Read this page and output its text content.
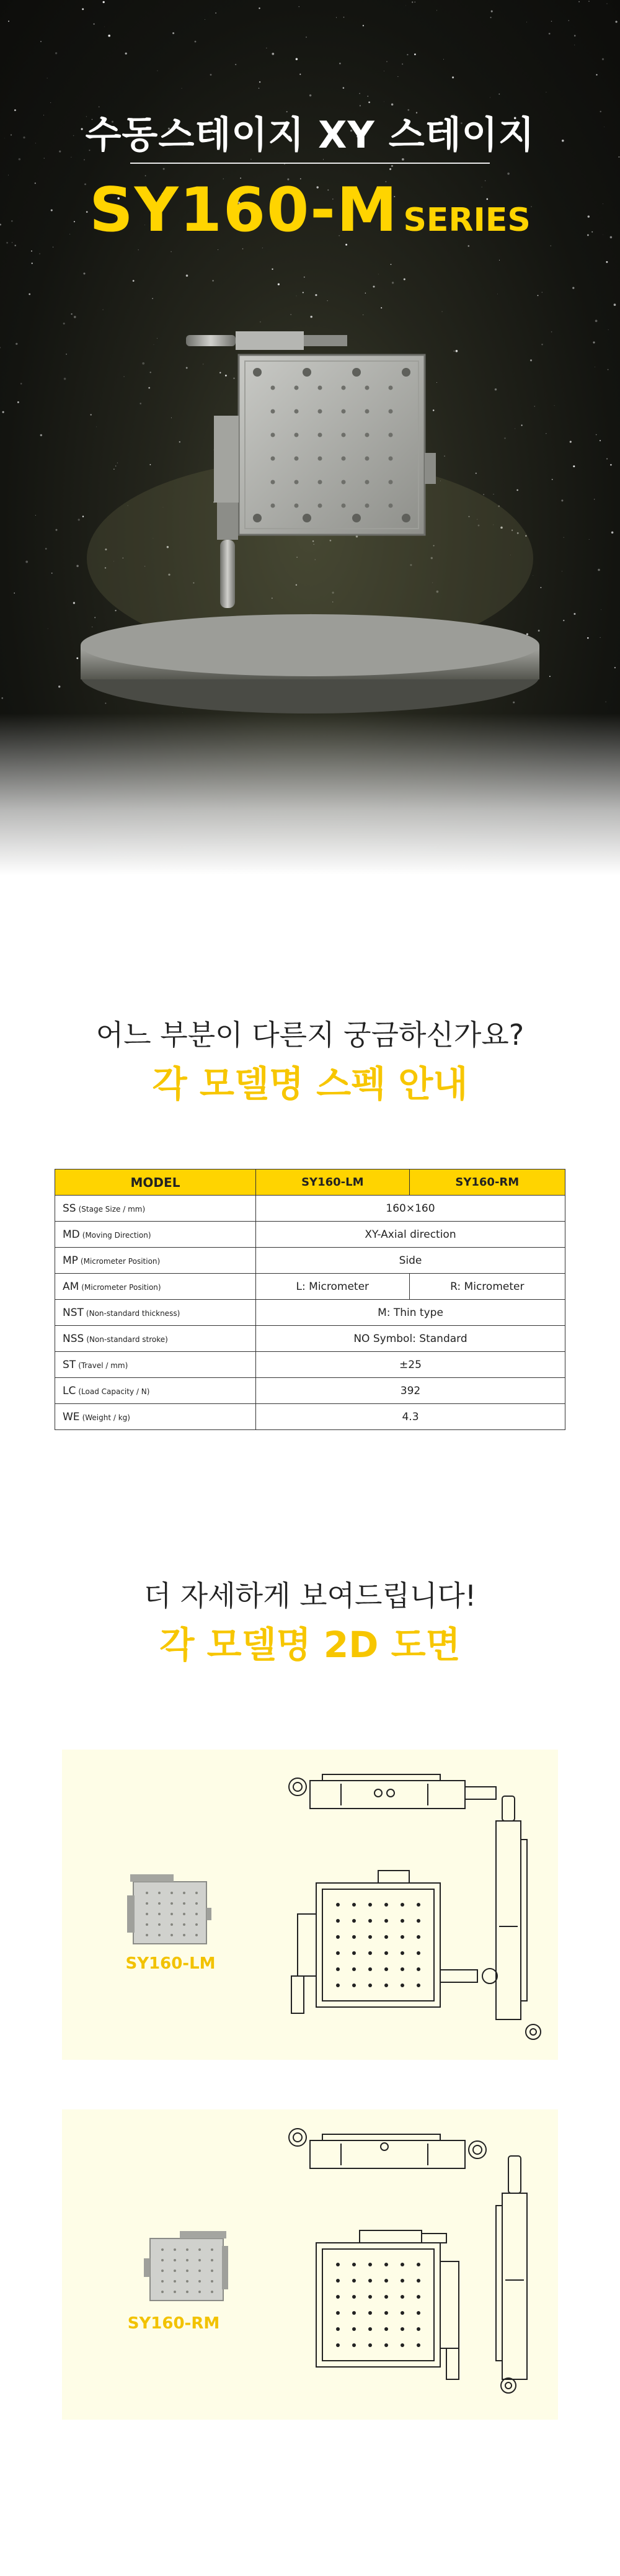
수동스테이지 XY 스테이지
SY160-M SERIES
어느 부분이 다른지 궁금하신가요?
각 모델명 스펙 안내
MODEL	SY160-LM	SY160-RM
SS (Stage Size / mm)	160×160	
MD (Moving Direction)	XY-Axial direction	
MP (Micrometer Position)	Side	
AM (Micrometer Position)	L: Micrometer	R: Micrometer
NST (Non-standard thickness)	M: Thin type	
NSS (Non-standard stroke)	NO Symbol: Standard	
ST (Travel / mm)	±25	
LC (Load Capacity / N)	392	
WE (Weight / kg)	4.3	
더 자세하게 보여드립니다!
각 모델명 2D 도면
SY160-LM
SY160-RM
